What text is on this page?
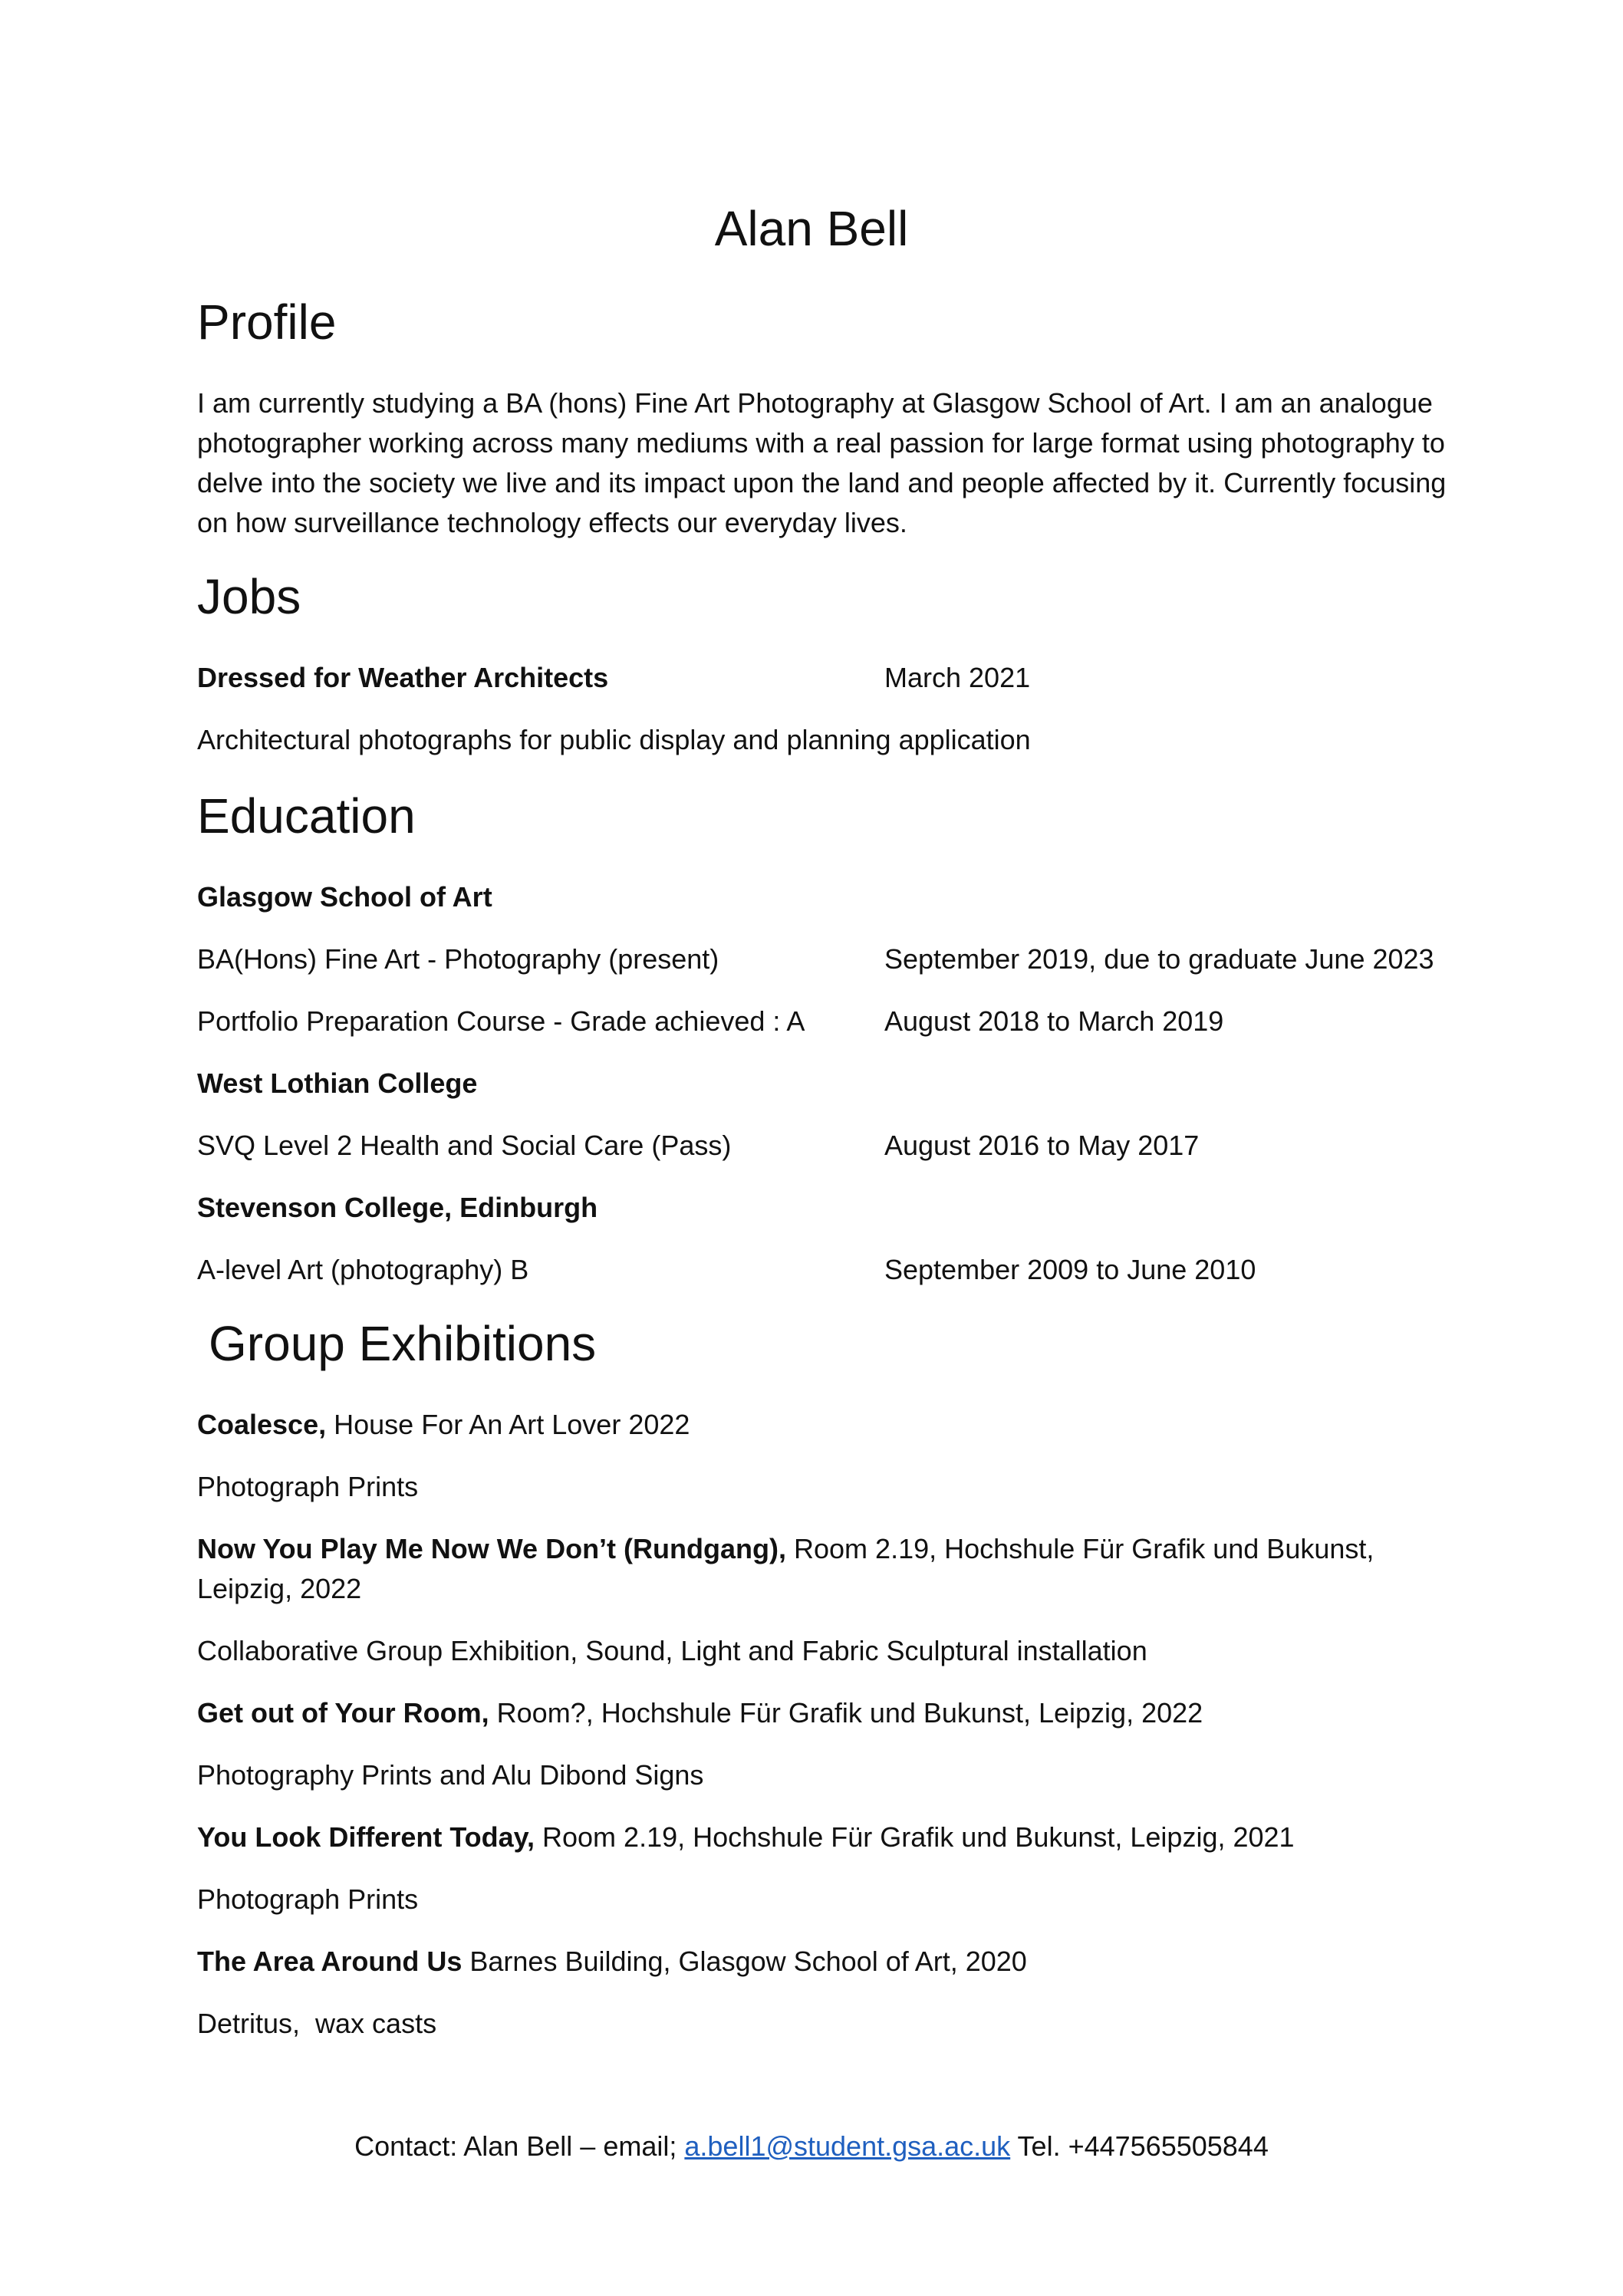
Alan Bell
Profile
I am currently studying a BA (hons) Fine Art Photography at Glasgow School of Art. I am an analogue photographer working across many mediums with a real passion for large format using photography to delve into the society we live and its impact upon the land and people affected by it. Currently focusing on how surveillance technology effects our everyday lives.
Jobs
Dressed for Weather Architects	March 2021
Architectural photographs for public display and planning application
Education
Glasgow School of Art
BA(Hons) Fine Art - Photography (present)	September 2019, due to graduate June 2023
Portfolio Preparation Course - Grade achieved : A	August 2018 to March 2019
West Lothian College
SVQ Level 2 Health and Social Care (Pass)	August 2016 to May 2017
Stevenson College, Edinburgh
A-level Art (photography) B	September 2009 to June 2010
Group Exhibitions
Coalesce, House For An Art Lover 2022
Photograph Prints
Now You Play Me Now We Don’t (Rundgang), Room 2.19, Hochshule Für Grafik und Bukunst, Leipzig, 2022
Collaborative Group Exhibition, Sound, Light and Fabric Sculptural installation
Get out of Your Room, Room?, Hochshule Für Grafik und Bukunst, Leipzig, 2022
Photography Prints and Alu Dibond Signs
You Look Different Today, Room 2.19, Hochshule Für Grafik und Bukunst, Leipzig, 2021
Photograph Prints
The Area Around Us Barnes Building, Glasgow School of Art, 2020
Detritus,  wax casts
Contact: Alan Bell – email; a.bell1@student.gsa.ac.uk Tel. +447565505844
